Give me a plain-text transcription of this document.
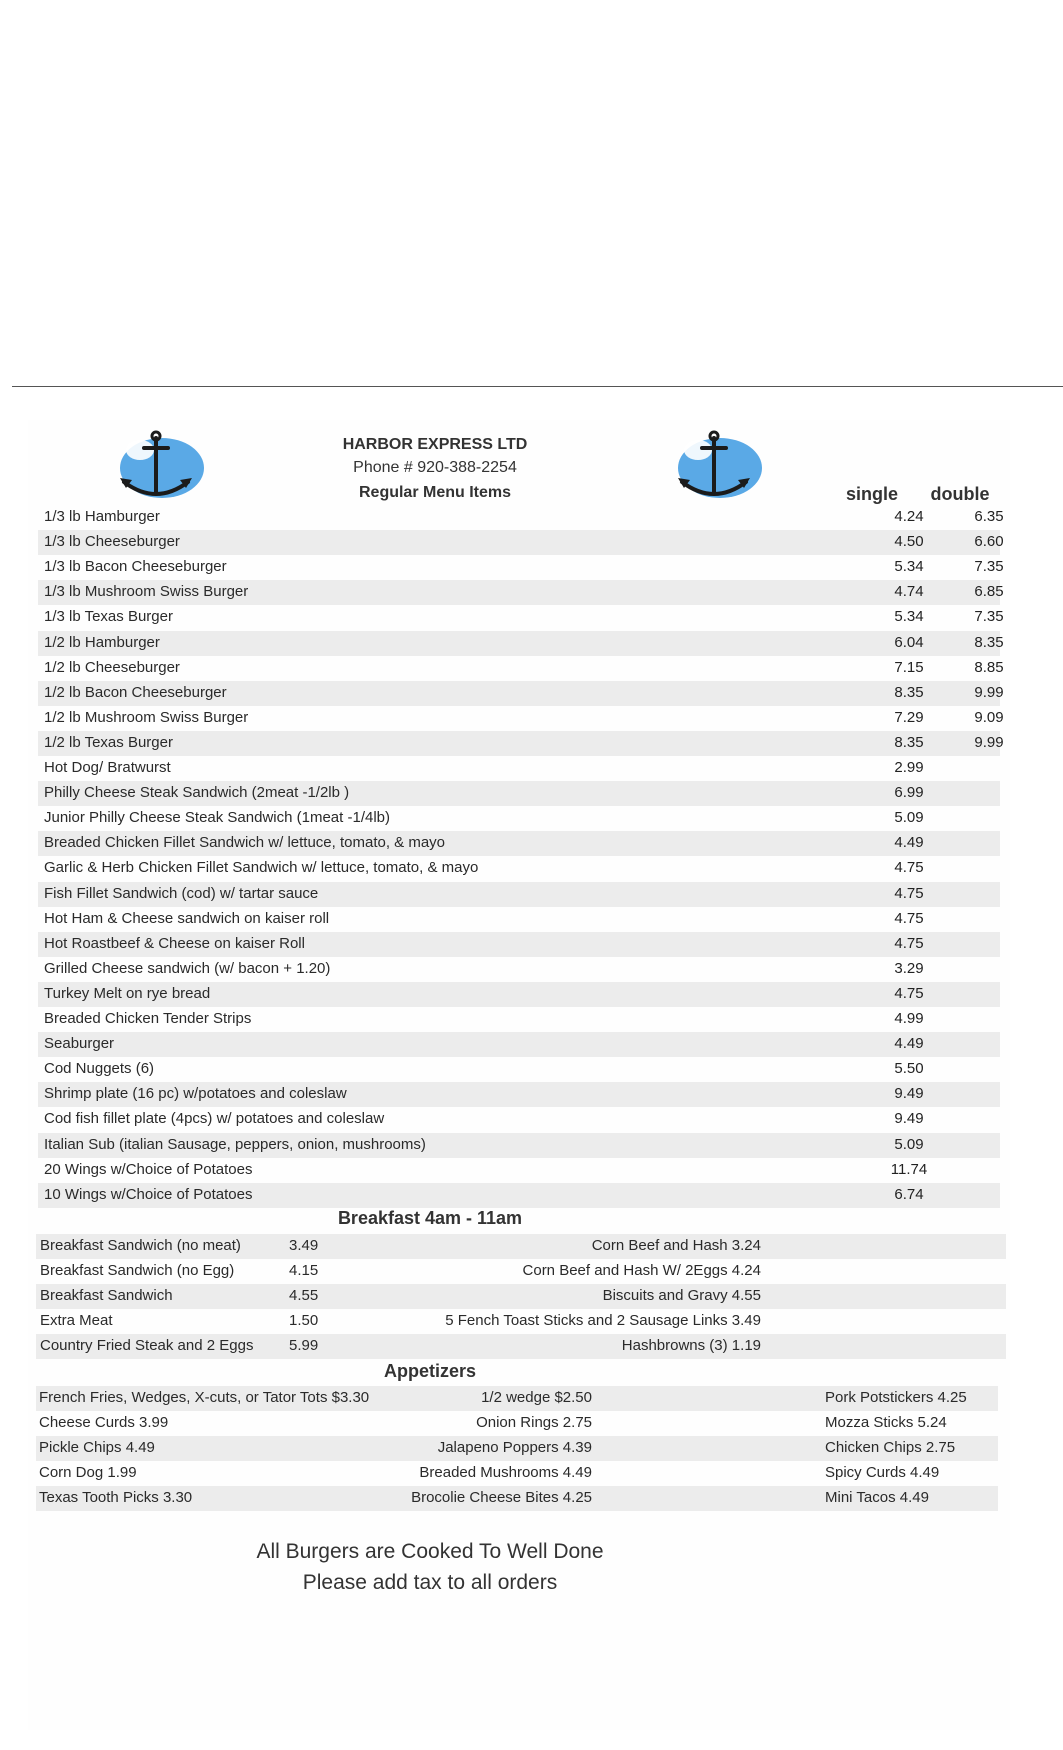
HARBOR EXPRESS LTD
Phone # 920-388-2254
Regular Menu Items	single	double
1/3 lb Hamburger	4.24	6.35
1/3 lb Cheeseburger	4.50	6.60
1/3 lb Bacon Cheeseburger	5.34	7.35
1/3 lb Mushroom Swiss Burger	4.74	6.85
1/3 lb Texas Burger	5.34	7.35
1/2 lb Hamburger	6.04	8.35
1/2 lb Cheeseburger	7.15	8.85
1/2 lb Bacon Cheeseburger	8.35	9.99
1/2 lb Mushroom Swiss Burger	7.29	9.09
1/2 lb Texas Burger	8.35	9.99
Hot Dog/ Bratwurst	2.99
Philly Cheese Steak Sandwich (2meat -1/2lb )	6.99
Junior Philly Cheese Steak Sandwich (1meat -1/4lb)	5.09
Breaded Chicken Fillet Sandwich w/ lettuce, tomato, & mayo	4.49
Garlic & Herb Chicken Fillet Sandwich w/ lettuce, tomato, & mayo	4.75
Fish Fillet Sandwich (cod) w/ tartar sauce	4.75
Hot Ham & Cheese sandwich on kaiser roll	4.75
Hot Roastbeef & Cheese on kaiser Roll	4.75
Grilled Cheese sandwich (w/ bacon + 1.20)	3.29
Turkey Melt on rye bread	4.75
Breaded Chicken Tender Strips	4.99
Seaburger	4.49
Cod Nuggets (6)	5.50
Shrimp plate (16 pc) w/potatoes and coleslaw	9.49
Cod fish fillet plate (4pcs) w/ potatoes and coleslaw	9.49
Italian Sub (italian Sausage, peppers, onion, mushrooms)	5.09
20 Wings w/Choice of Potatoes	11.74
10 Wings w/Choice of Potatoes	6.74
Breakfast 4am - 11am
Breakfast Sandwich (no meat)	3.49	Corn Beef and Hash 3.24
Breakfast Sandwich (no Egg)	4.15	Corn Beef and Hash W/ 2Eggs 4.24
Breakfast Sandwich	4.55	Biscuits and Gravy 4.55
Extra Meat	1.50	5 Fench Toast Sticks and 2 Sausage Links 3.49
Country Fried Steak and 2 Eggs 5.99	Hashbrowns (3) 1.19
Appetizers
French Fries, Wedges, X-cuts, or Tator Tots $3.30	1/2 wedge $2.50	Pork Potstickers 4.25
Cheese Curds 3.99	Onion Rings 2.75	Mozza Sticks 5.24
Pickle Chips 4.49	Jalapeno Poppers 4.39	Chicken Chips 2.75
Corn Dog 1.99	Breaded Mushrooms 4.49	Spicy Curds 4.49
Texas Tooth Picks 3.30	Brocolie Cheese Bites 4.25	Mini Tacos 4.49
All Burgers are Cooked To Well Done
Please add tax to all orders
